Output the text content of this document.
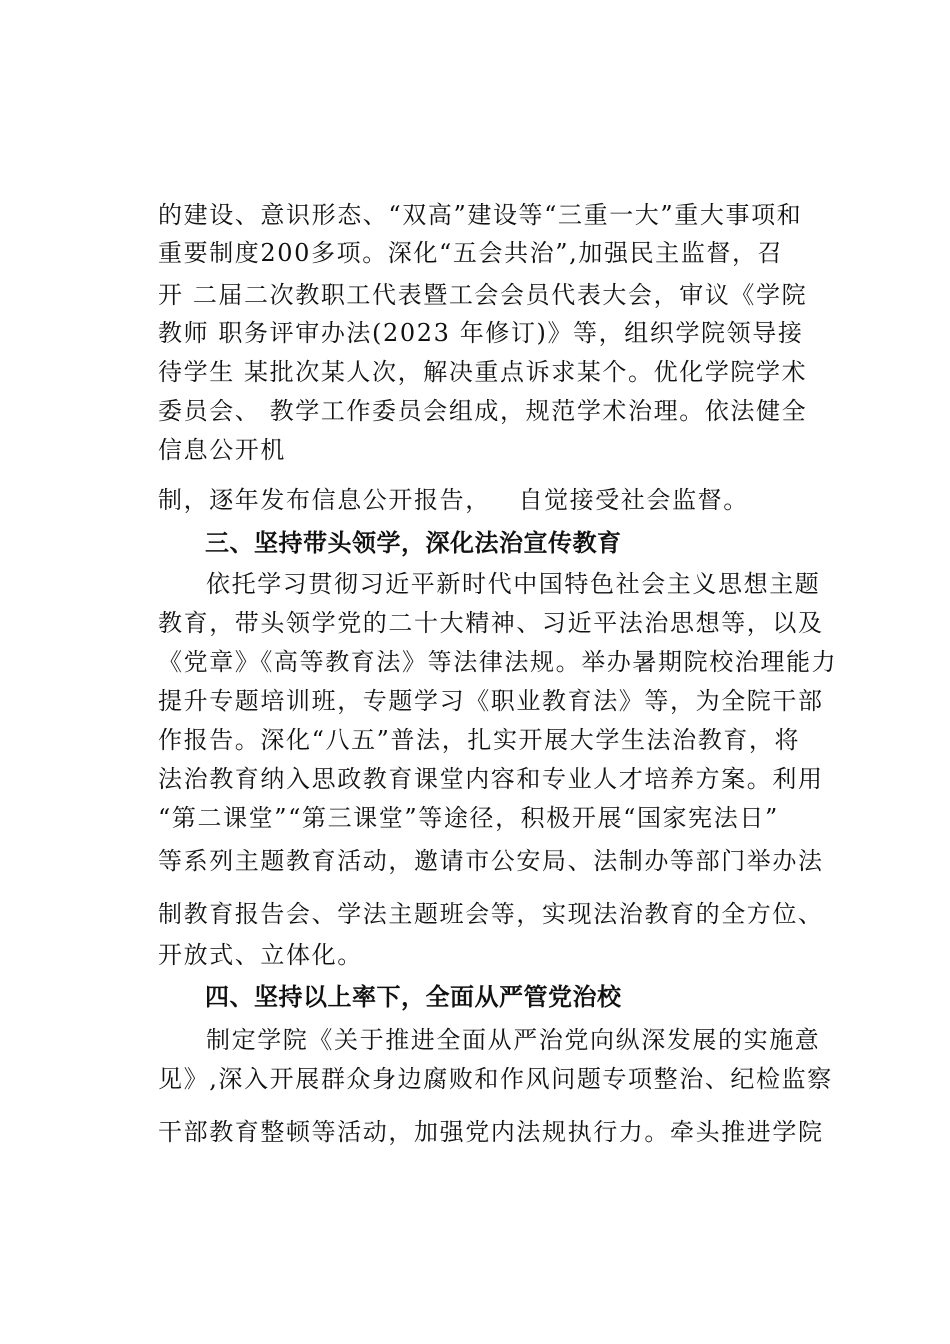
的建设、意识形态、“双高”建设等“三重一大”重大事项和
重要制度200多项。深化“五会共治”,加强民主监督，召
开 二届二次教职工代表暨工会会员代表大会，审议《学院
教师 职务评审办法(2023 年修订)》等，组织学院领导接
待学生 某批次某人次，解决重点诉求某个。优化学院学术
委员会、 教学工作委员会组成，规范学术治理。依法健全
信息公开机
制，逐年发布信息公开报告，   自觉接受社会监督。
三、坚持带头领学，深化法治宣传教育
依托学习贯彻习近平新时代中国特色社会主义思想主题
教育，带头领学党的二十大精神、习近平法治思想等，以及
《党章》《高等教育法》等法律法规。举办暑期院校治理能力
提升专题培训班，专题学习《职业教育法》等，为全院干部
作报告。深化“八五”普法，扎实开展大学生法治教育，将
法治教育纳入思政教育课堂内容和专业人才培养方案。利用
“第二课堂”“第三课堂”等途径，积极开展“国家宪法日”
等系列主题教育活动，邀请市公安局、法制办等部门举办法
制教育报告会、学法主题班会等，实现法治教育的全方位、
开放式、立体化。
四、坚持以上率下，全面从严管党治校
制定学院《关于推进全面从严治党向纵深发展的实施意
见》,深入开展群众身边腐败和作风问题专项整治、纪检监察
干部教育整顿等活动，加强党内法规执行力。牵头推进学院
